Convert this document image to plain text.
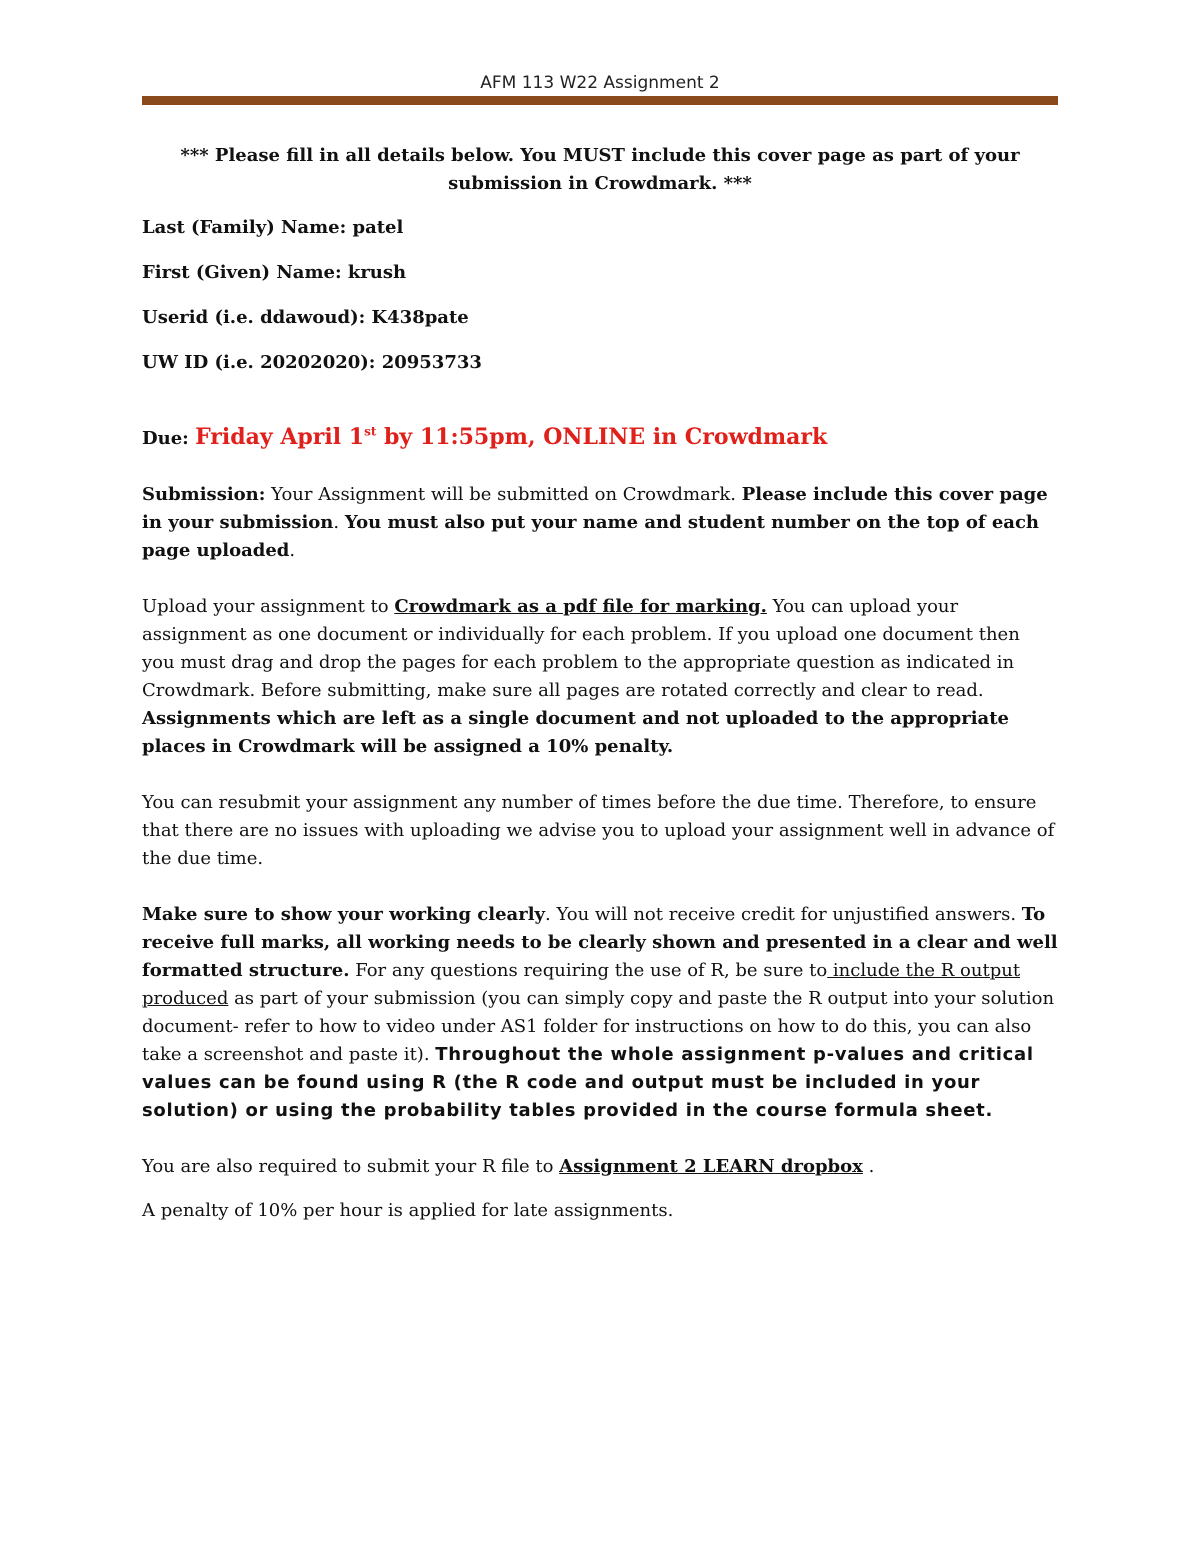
AFM 113 W22 Assignment 2

*** Please fill in all details below. You MUST include this cover page as part of your submission in Crowdmark. ***

Last (Family) Name: patel

First (Given) Name: krush

Userid (i.e. ddawoud): K438pate

UW ID (i.e. 20202020): 20953733

Due: Friday April 1st by 11:55pm, ONLINE in Crowdmark

Submission: Your Assignment will be submitted on Crowdmark. Please include this cover page in your submission. You must also put your name and student number on the top of each page uploaded.

Upload your assignment to Crowdmark as a pdf file for marking. You can upload your assignment as one document or individually for each problem. If you upload one document then you must drag and drop the pages for each problem to the appropriate question as indicated in Crowdmark. Before submitting, make sure all pages are rotated correctly and clear to read. Assignments which are left as a single document and not uploaded to the appropriate places in Crowdmark will be assigned a 10% penalty.

You can resubmit your assignment any number of times before the due time. Therefore, to ensure that there are no issues with uploading we advise you to upload your assignment well in advance of the due time.

Make sure to show your working clearly. You will not receive credit for unjustified answers. To receive full marks, all working needs to be clearly shown and presented in a clear and well formatted structure. For any questions requiring the use of R, be sure to include the R output produced as part of your submission (you can simply copy and paste the R output into your solution document- refer to how to video under AS1 folder for instructions on how to do this, you can also take a screenshot and paste it). Throughout the whole assignment p-values and critical values can be found using R (the R code and output must be included in your solution) or using the probability tables provided in the course formula sheet.

You are also required to submit your R file to Assignment 2 LEARN dropbox .

A penalty of 10% per hour is applied for late assignments.
